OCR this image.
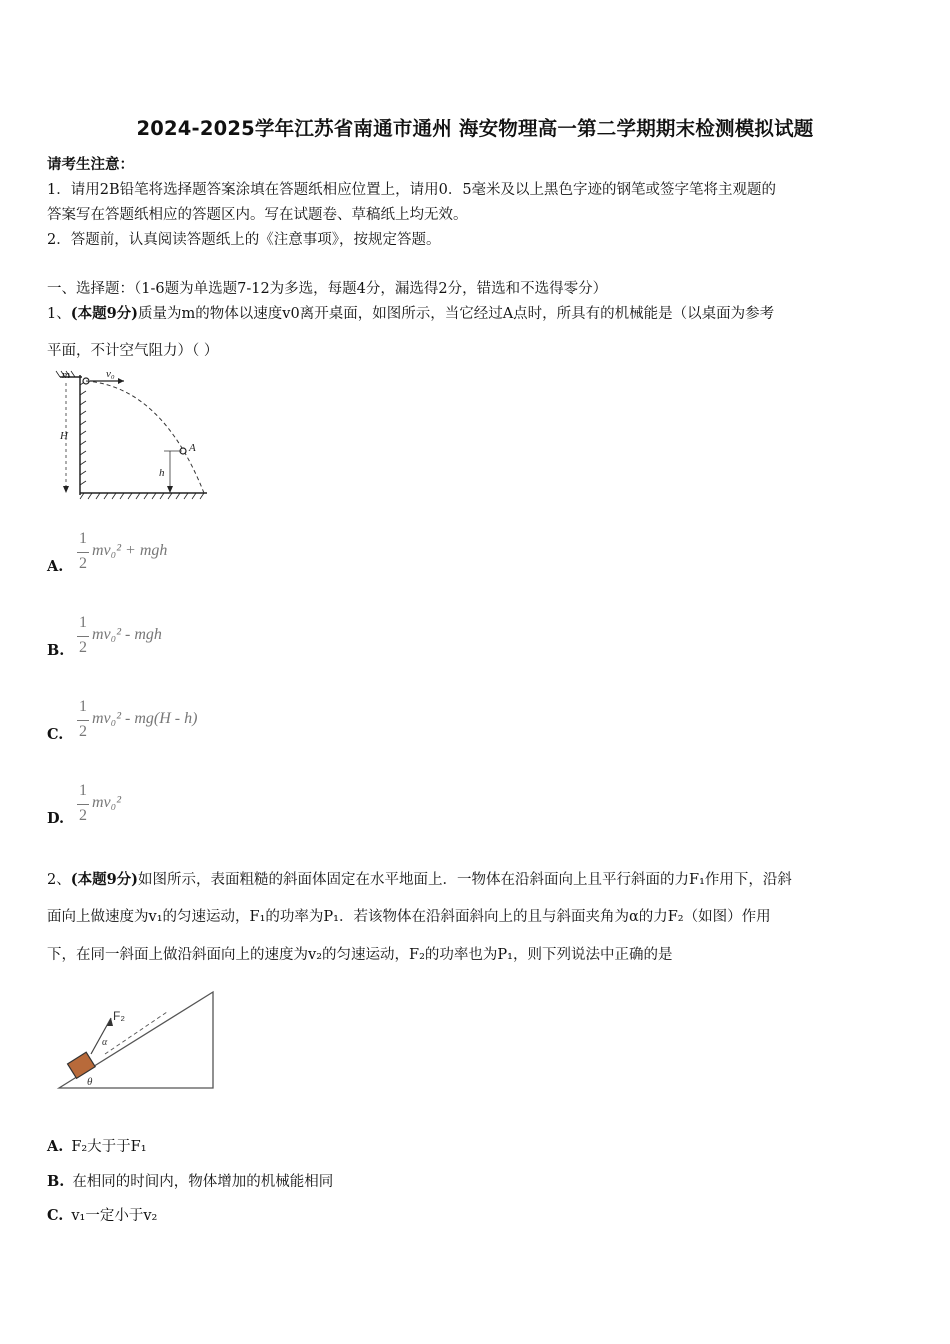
2024-2025学年江苏省南通市通州 海安物理高一第二学期期末检测模拟试题
请考生注意：
1．请用2B铅笔将选择题答案涂填在答题纸相应位置上，请用0．5毫米及以上黑色字迹的钢笔或签字笔将主观题的
答案写在答题纸相应的答题区内。写在试题卷、草稿纸上均无效。
2．答题前，认真阅读答题纸上的《注意事项》，按规定答题。
一、选择题：（1-6题为单选题7-12为多选，每题4分，漏选得2分，错选和不选得零分）
1、(本题9分)质量为m的物体以速度v0离开桌面，如图所示，当它经过A点时，所具有的机械能是（以桌面为参考
平面，不计空气阻力）（ ）
m	v₀
H
A
h
A.
1
2
mv₀² + mgh
B.
1
2
mv₀² - mgh
C.
1
2
mv₀² - mg(H - h)
D.
1
2
mv₀²
2、(本题9分)如图所示，表面粗糙的斜面体固定在水平地面上．一物体在沿斜面向上且平行斜面的力F₁作用下，沿斜
面向上做速度为v₁的匀速运动，F₁的功率为P₁．若该物体在沿斜面斜向上的且与斜面夹角为α的力F₂（如图）作用
下，在同一斜面上做沿斜面向上的速度为v₂的匀速运动，F₂的功率也为P₁，则下列说法中正确的是
F₂
α
θ
A. F₂大于于F₁
B. 在相同的时间内，物体增加的机械能相同
C. v₁一定小于v₂
